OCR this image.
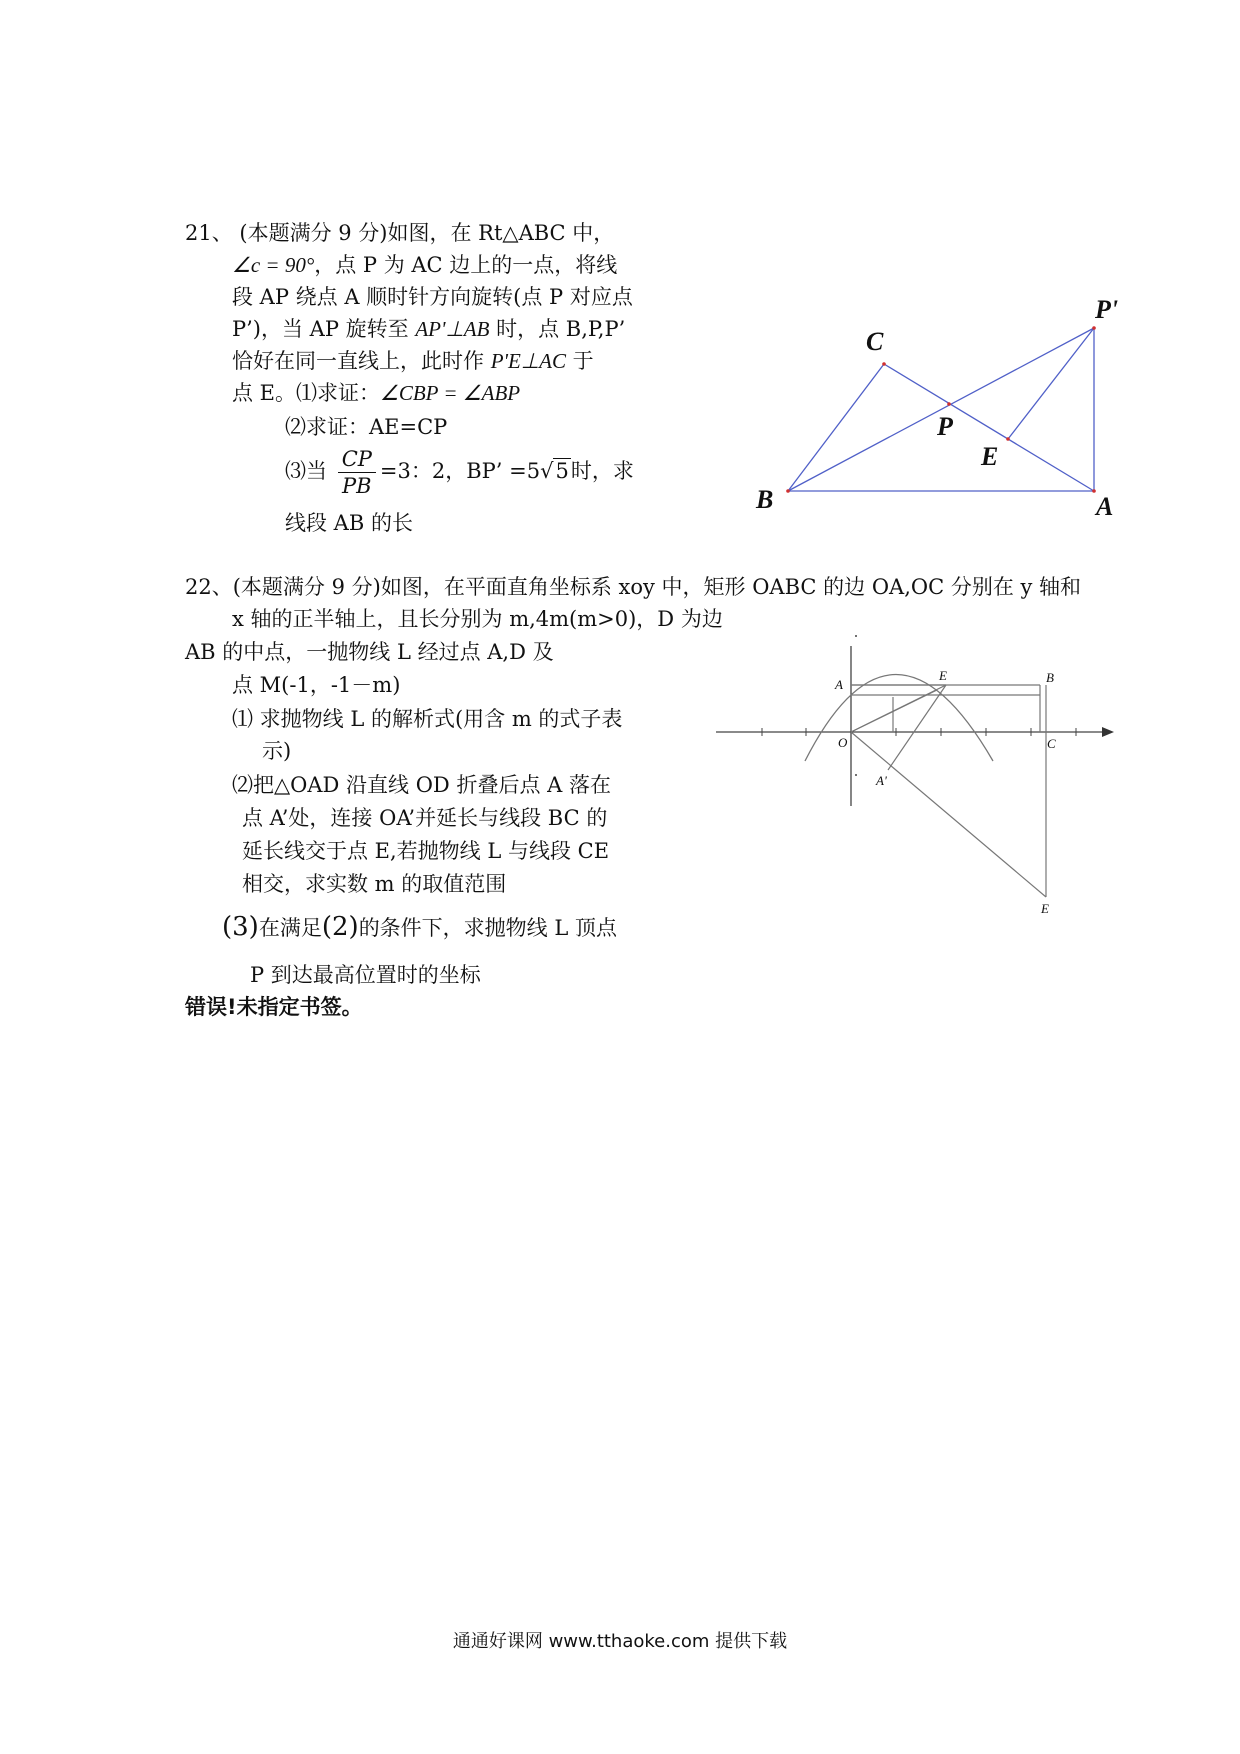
21、 (本题满分 9 分)如图，在 Rt△ABC 中，
∠c = 90°，点 P 为 AC 边上的一点，将线
段 AP 绕点 A 顺时针方向旋转(点 P 对应点
P’)，当 AP 旋转至 AP'⊥AB 时，点 B,P,P’
恰好在同一直线上，此时作 P'E⊥AC 于
点 E。⑴求证：∠CBP = ∠ABP
⑵求证：AE=CP
⑶当 $\frac{CP}{PB} =3$：2，BP’ =5√5时，求
线段 AB 的长
C
P
E
B	A
P'
22、(本题满分 9 分)如图，在平面直角坐标系 xoy 中，矩形 OABC 的边 OA,OC 分别在 y 轴和
x 轴的正半轴上，且长分别为 m,4m(m>0)，D 为边
AB 的中点，一抛物线 L 经过点 A,D 及
点 M(-1，-1－m)
⑴ 求抛物线 L 的解析式(用含 m 的式子表
示)
⑵把△OAD 沿直线 OD 折叠后点 A 落在
点 A’处，连接 OA’并延长与线段 BC 的
延长线交于点 E,若抛物线 L 与线段 CE
相交，求实数 m 的取值范围
(3)在满足(2)的条件下，求抛物线 L 顶点
P 到达最高位置时的坐标
A
E	B
O	C
A'
E
错误!未指定书签。
通通好课网 www.tthaoke.com 提供下载
